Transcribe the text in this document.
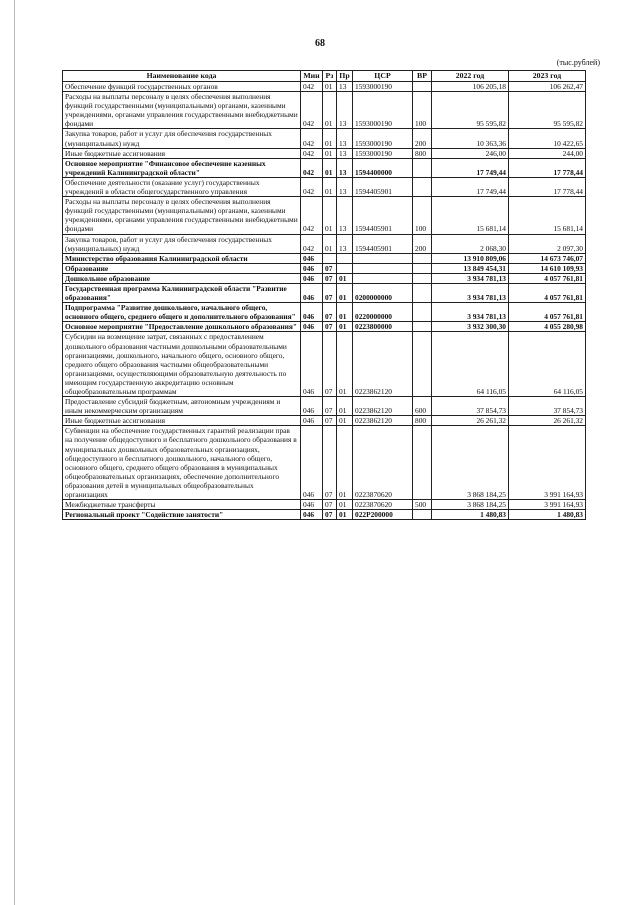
68
(тыс.рублей)
Наименование кода	Мин	Рз	Пр	ЦСР	ВР	2022 год	2023 год
Обеспечение функций государственных органов	042	01	13	1593000190		106 205,18	106 262,47
Расходы на выплаты персоналу в целях обеспечения выполнения функций государственными (муниципальными) органами, казенными учреждениями, органами управления государственными внебюджетными фондами	042	01	13	1593000190	100	95 595,82	95 595,82
Закупка товаров, работ и услуг для обеспечения государственных (муниципальных) нужд	042	01	13	1593000190	200	10 363,36	10 422,65
Иные бюджетные ассигнования	042	01	13	1593000190	800	246,00	244,00
Основное мероприятие "Финансовое обеспечение казенных учреждений Калининградской области"	042	01	13	1594400000		17 749,44	17 778,44
Обеспечение деятельности (оказание услуг) государственных учреждений в области общегосударственного управления	042	01	13	1594405901		17 749,44	17 778,44
Расходы на выплаты персоналу в целях обеспечения выполнения функций государственными (муниципальными) органами, казенными учреждениями, органами управления государственными внебюджетными фондами	042	01	13	1594405901	100	15 681,14	15 681,14
Закупка товаров, работ и услуг для обеспечения государственных (муниципальных) нужд	042	01	13	1594405901	200	2 068,30	2 097,30
Министерство образования Калининградской области	046					13 910 809,06	14 673 746,07
Образование	046	07				13 849 454,31	14 610 109,93
Дошкольное образование	046	07	01			3 934 781,13	4 057 761,81
Государственная программа Калининградской области "Развитие образования"	046	07	01	0200000000		3 934 781,13	4 057 761,81
Подпрограмма "Развитие дошкольного, начального общего, основного общего, среднего общего и дополнительного образования"	046	07	01	0220000000		3 934 781,13	4 057 761,81
Основное мероприятие "Предоставление дошкольного образования"	046	07	01	0223800000		3 932 300,30	4 055 280,98
Субсидии на возмещение затрат, связанных с предоставлением дошкольного образования частными дошкольными образовательными организациями, дошкольного, начального общего, основного общего, среднего общего образования частными общеобразовательными организациями, осуществляющими образовательную деятельность по имеющим государственную аккредитацию основным общеобразовательным программам	046	07	01	0223862120		64 116,05	64 116,05
Предоставление субсидий бюджетным, автономным учреждениям и иным некоммерческим организациям	046	07	01	0223862120	600	37 854,73	37 854,73
Иные бюджетные ассигнования	046	07	01	0223862120	800	26 261,32	26 261,32
Субвенции на обеспечение государственных гарантий реализации прав на получение общедоступного и бесплатного дошкольного образования в муниципальных дошкольных образовательных организациях, общедоступного и бесплатного дошкольного, начального общего, основного общего, среднего общего образования в муниципальных общеобразовательных организациях, обеспечение дополнительного образования детей в муниципальных общеобразовательных организациях	046	07	01	0223870620		3 868 184,25	3 991 164,93
Межбюджетные трансферты	046	07	01	0223870620	500	3 868 184,25	3 991 164,93
Региональный проект "Содействие занятости"	046	07	01	022P200000		1 480,83	1 480,83
